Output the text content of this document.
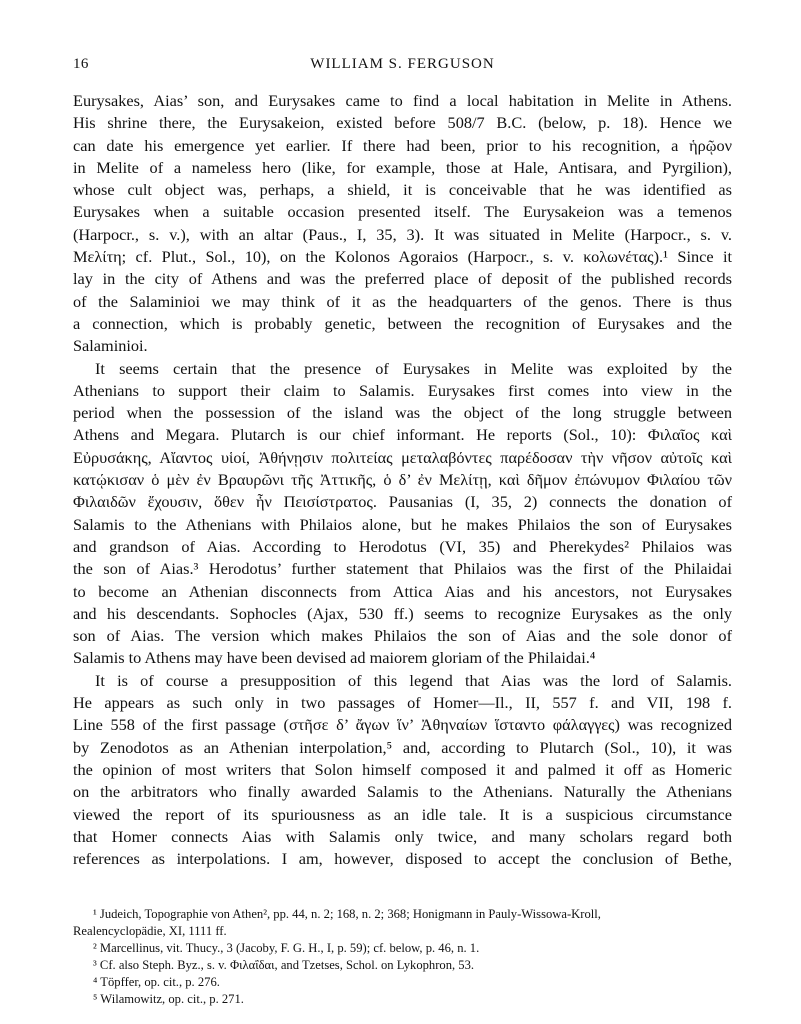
16	WILLIAM S. FERGUSON
Eurysakes, Aias’ son, and Eurysakes came to find a local habitation in Melite in Athens.
His shrine there, the Eurysakeion, existed before 508/7 B.C. (below, p. 18). Hence we
can date his emergence yet earlier. If there had been, prior to his recognition, a ἡρῷον
in Melite of a nameless hero (like, for example, those at Hale, Antisara, and Pyrgilion),
whose cult object was, perhaps, a shield, it is conceivable that he was identified as
Eurysakes when a suitable occasion presented itself. The Eurysakeion was a temenos
(Harpocr., s. v.), with an altar (Paus., I, 35, 3). It was situated in Melite (Harpocr., s. v.
Μελίτη; cf. Plut., Sol., 10), on the Kolonos Agoraios (Harpocr., s. v. κολωνέτας).¹ Since it
lay in the city of Athens and was the preferred place of deposit of the published records
of the Salaminioi we may think of it as the headquarters of the genos. There is thus
a connection, which is probably genetic, between the recognition of Eurysakes and the
Salaminioi.
It seems certain that the presence of Eurysakes in Melite was exploited by the
Athenians to support their claim to Salamis. Eurysakes first comes into view in the
period when the possession of the island was the object of the long struggle between
Athens and Megara. Plutarch is our chief informant. He reports (Sol., 10): Φιλαῖος καὶ
Εὐρυσάκης, Αἴαντος υἱοί, Ἀθήνῃσιν πολιτείας μεταλαβόντες παρέδοσαν τὴν νῆσον αὐτοῖς καὶ
κατῴκισαν ὁ μὲν ἐν Βραυρῶνι τῆς Ἀττικῆς, ὁ δ’ ἐν Μελίτῃ, καὶ δῆμον ἐπώνυμον Φιλαίου τῶν
Φιλαιδῶν ἔχουσιν, ὅθεν ἦν Πεισίστρατος. Pausanias (I, 35, 2) connects the donation of
Salamis to the Athenians with Philaios alone, but he makes Philaios the son of Eurysakes
and grandson of Aias. According to Herodotus (VI, 35) and Pherekydes² Philaios was
the son of Aias.³ Herodotus’ further statement that Philaios was the first of the Philaidai
to become an Athenian disconnects from Attica Aias and his ancestors, not Eurysakes
and his descendants. Sophocles (Ajax, 530 ff.) seems to recognize Eurysakes as the only
son of Aias. The version which makes Philaios the son of Aias and the sole donor of
Salamis to Athens may have been devised ad maiorem gloriam of the Philaidai.⁴
It is of course a presupposition of this legend that Aias was the lord of Salamis.
He appears as such only in two passages of Homer—Il., II, 557 f. and VII, 198 f.
Line 558 of the first passage (στῆσε δ’ ἄγων ἵν’ Ἀθηναίων ἵσταντο φάλαγγες) was recognized
by Zenodotos as an Athenian interpolation,⁵ and, according to Plutarch (Sol., 10), it was
the opinion of most writers that Solon himself composed it and palmed it off as Homeric
on the arbitrators who finally awarded Salamis to the Athenians. Naturally the Athenians
viewed the report of its spuriousness as an idle tale. It is a suspicious circumstance
that Homer connects Aias with Salamis only twice, and many scholars regard both
references as interpolations. I am, however, disposed to accept the conclusion of Bethe,
¹ Judeich, Topographie von Athen², pp. 44, n. 2; 168, n. 2; 368; Honigmann in Pauly-Wissowa-Kroll,
Realencyclopädie, XI, 1111 ff.
² Marcellinus, vit. Thucy., 3 (Jacoby, F. G. H., I, p. 59); cf. below, p. 46, n. 1.
³ Cf. also Steph. Byz., s. v. Φιλαΐδαι, and Tzetses, Schol. on Lykophron, 53.
⁴ Töpffer, op. cit., p. 276.
⁵ Wilamowitz, op. cit., p. 271.
